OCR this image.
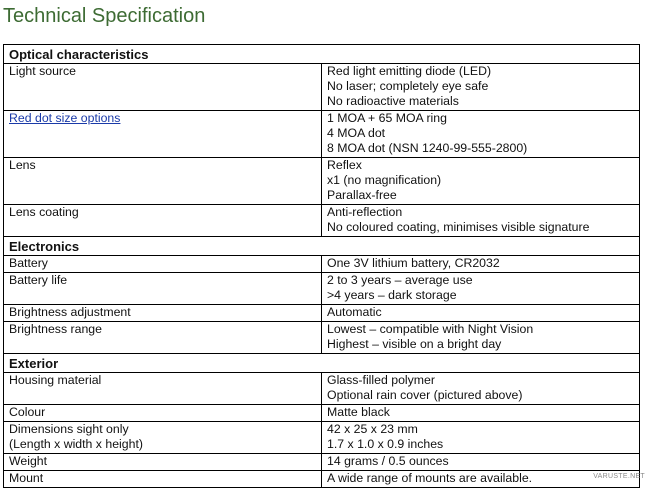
Technical Specification
Optical characteristics	
Light source	Red light emitting diode (LED)
No laser; completely eye safe
No radioactive materials

Red dot size options	1 MOA + 65 MOA ring
4 MOA dot
8 MOA dot (NSN 1240-99-555-2800)

Lens	Reflex
x1 (no magnification)
Parallax-free

Lens coating	Anti-reflection
No coloured coating, minimises visible signature

Electronics	
Battery	One 3V lithium battery, CR2032

Battery life	2 to 3 years – average use
>4 years – dark storage

Brightness adjustment	Automatic

Brightness range	Lowest – compatible with Night Vision
Highest – visible on a bright day

Exterior	
Housing material	Glass-filled polymer
Optional rain cover (pictured above)

Colour	Matte black

Dimensions sight only
(Length x width x height)	42 x 25 x 23 mm
1.7 x 1.0 x 0.9 inches

Weight	14 grams / 0.5 ounces

Mount	A wide range of mounts are available.	VARUSTE.NET
